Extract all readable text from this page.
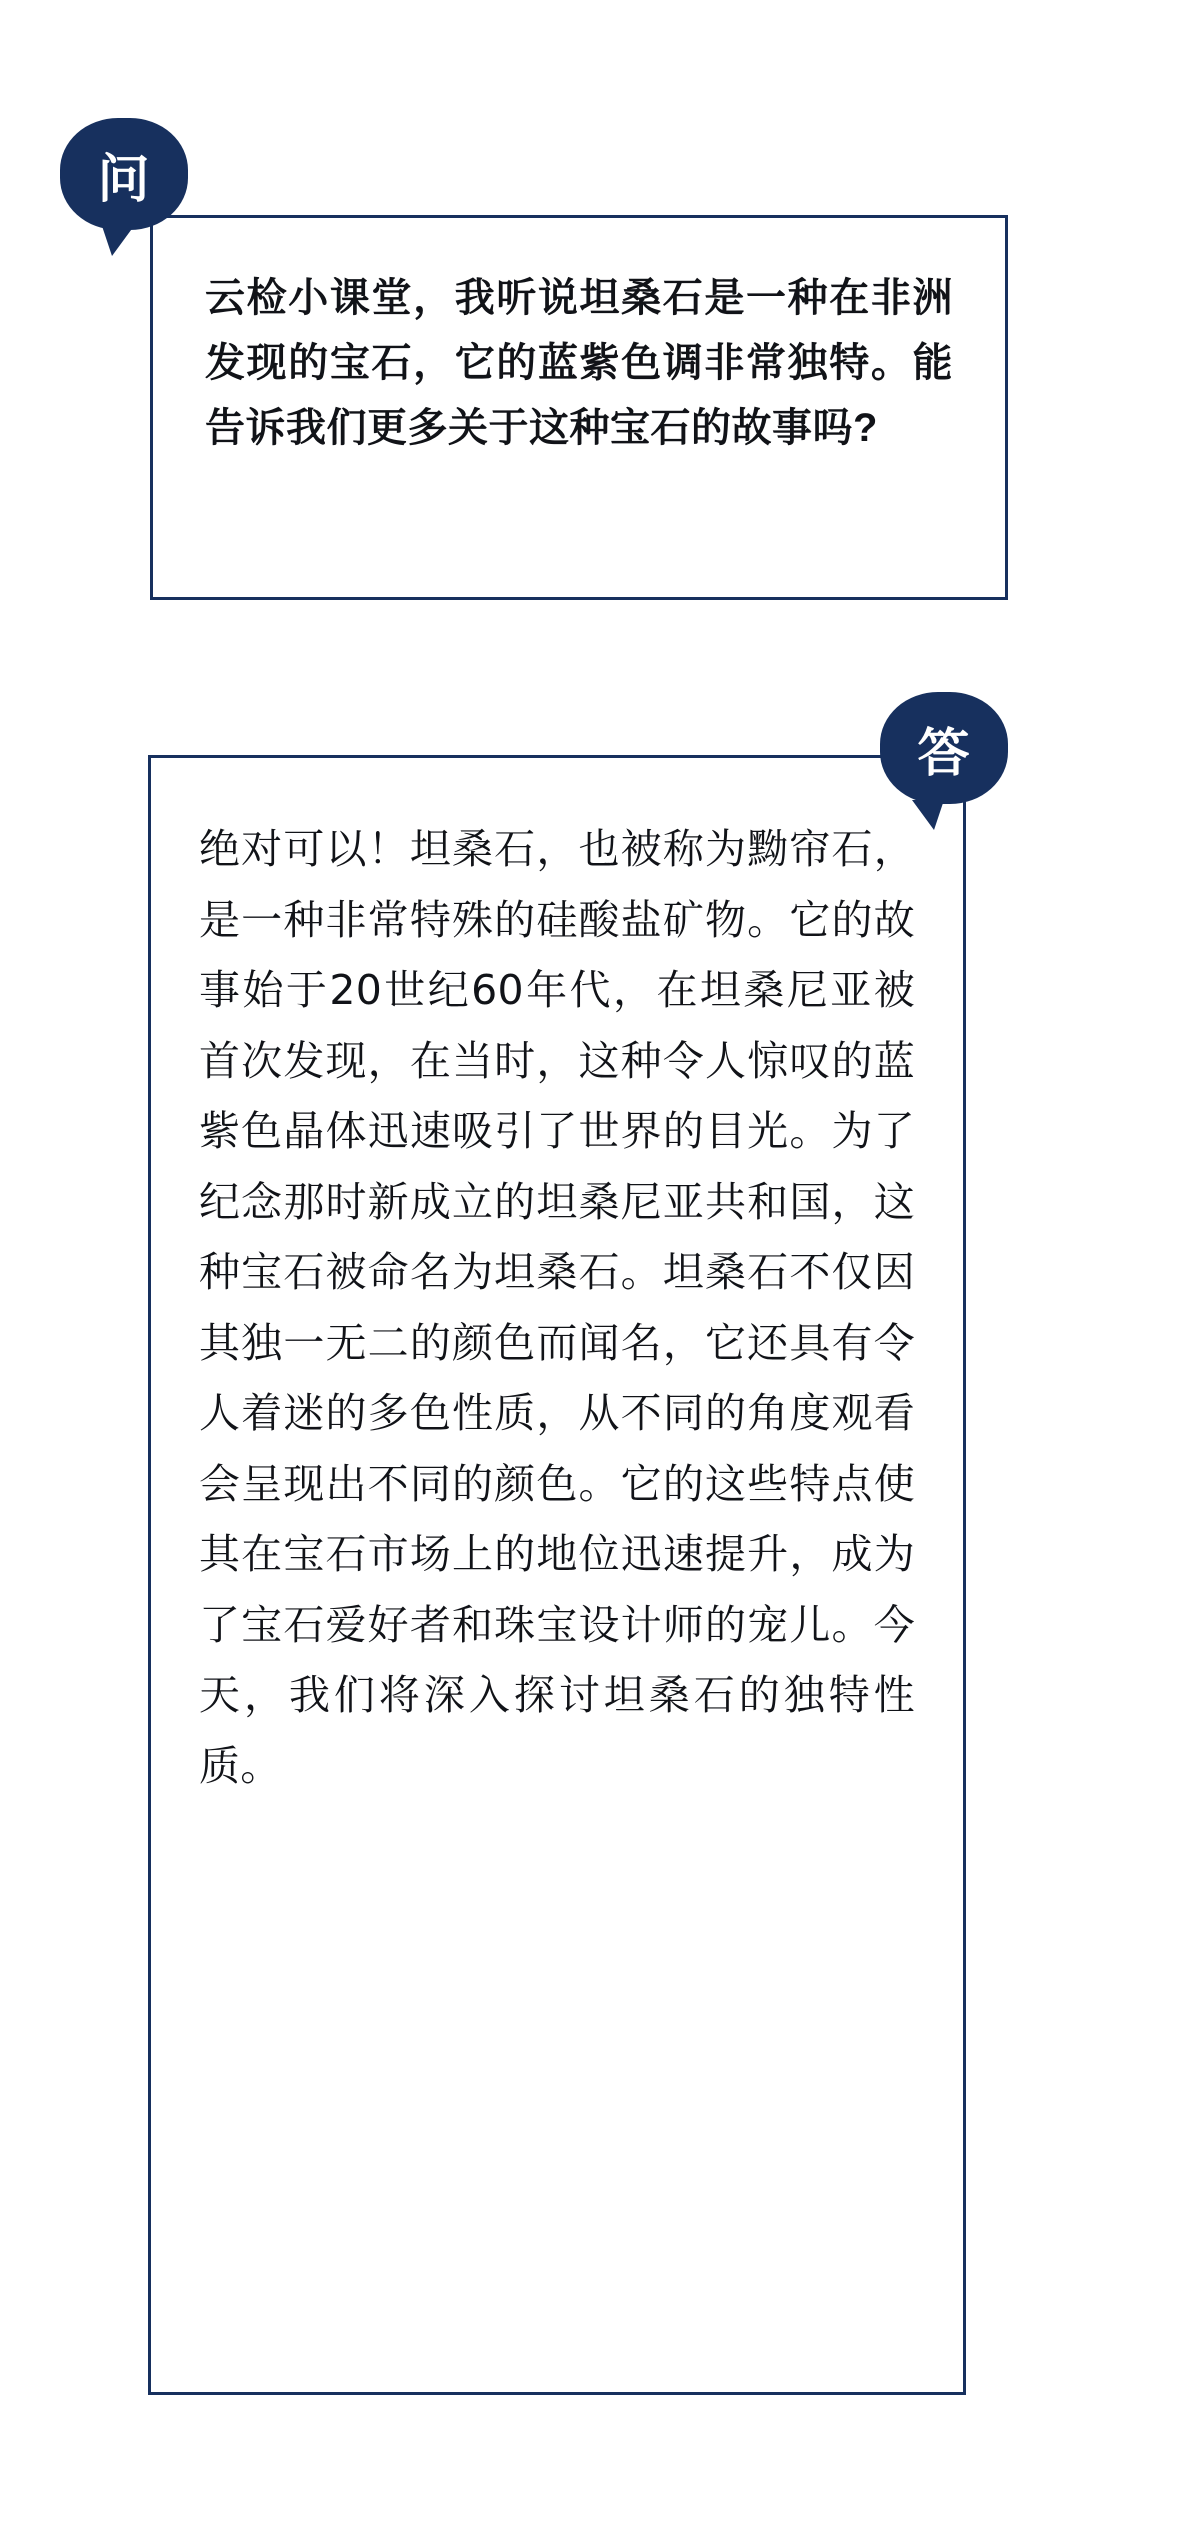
云检小课堂，我听说坦桑石是一种在非洲发现的宝石，它的蓝紫色调非常独特。能告诉我们更多关于这种宝石的故事吗?
问
绝对可以！坦桑石，也被称为黝帘石，是一种非常特殊的硅酸盐矿物。它的故事始于20世纪60年代，在坦桑尼亚被首次发现，在当时，这种令人惊叹的蓝紫色晶体迅速吸引了世界的目光。为了纪念那时新成立的坦桑尼亚共和国，这种宝石被命名为坦桑石。坦桑石不仅因其独一无二的颜色而闻名，它还具有令人着迷的多色性质，从不同的角度观看会呈现出不同的颜色。它的这些特点使其在宝石市场上的地位迅速提升，成为了宝石爱好者和珠宝设计师的宠儿。今天，我们将深入探讨坦桑石的独特性质。
答
